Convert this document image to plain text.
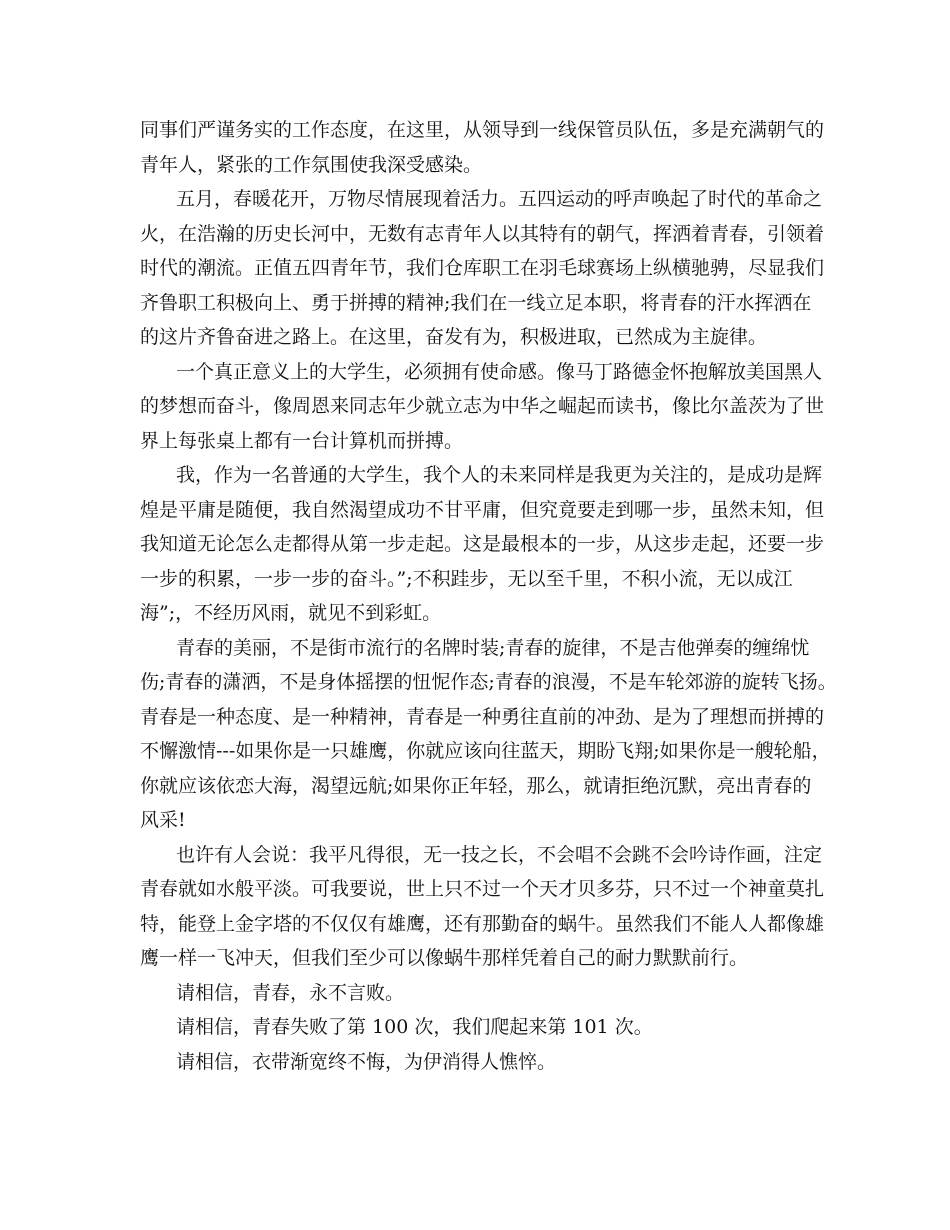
同事们严谨务实的工作态度，在这里，从领导到一线保管员队伍，多是充满朝气的
青年人，紧张的工作氛围使我深受感染。
五月，春暖花开，万物尽情展现着活力。五四运动的呼声唤起了时代的革命之
火，在浩瀚的历史长河中，无数有志青年人以其特有的朝气，挥洒着青春，引领着
时代的潮流。正值五四青年节，我们仓库职工在羽毛球赛场上纵横驰骋，尽显我们
齐鲁职工积极向上、勇于拼搏的精神;我们在一线立足本职，将青春的汗水挥洒在
的这片齐鲁奋进之路上。在这里，奋发有为，积极进取，已然成为主旋律。
一个真正意义上的大学生，必须拥有使命感。像马丁路德金怀抱解放美国黑人
的梦想而奋斗，像周恩来同志年少就立志为中华之崛起而读书，像比尔盖茨为了世
界上每张桌上都有一台计算机而拼搏。
我，作为一名普通的大学生，我个人的未来同样是我更为关注的，是成功是辉
煌是平庸是随便，我自然渴望成功不甘平庸，但究竟要走到哪一步，虽然未知，但
我知道无论怎么走都得从第一步走起。这是最根本的一步，从这步走起，还要一步
一步的积累，一步一步的奋斗。”;不积跬步，无以至千里，不积小流，无以成江
海”;，不经历风雨，就见不到彩虹。
青春的美丽，不是街市流行的名牌时装;青春的旋律，不是吉他弹奏的缠绵忧
伤;青春的潇洒，不是身体摇摆的忸怩作态;青春的浪漫，不是车轮郊游的旋转飞扬。
青春是一种态度、是一种精神，青春是一种勇往直前的冲劲、是为了理想而拼搏的
不懈激情---如果你是一只雄鹰，你就应该向往蓝天，期盼飞翔;如果你是一艘轮船，
你就应该依恋大海，渴望远航;如果你正年轻，那么，就请拒绝沉默，亮出青春的
风采!
也许有人会说：我平凡得很，无一技之长，不会唱不会跳不会吟诗作画，注定
青春就如水般平淡。可我要说，世上只不过一个天才贝多芬，只不过一个神童莫扎
特，能登上金字塔的不仅仅有雄鹰，还有那勤奋的蜗牛。虽然我们不能人人都像雄
鹰一样一飞冲天，但我们至少可以像蜗牛那样凭着自己的耐力默默前行。
请相信，青春，永不言败。
请相信，青春失败了第 100 次，我们爬起来第 101 次。
请相信，衣带渐宽终不悔，为伊消得人憔悴。
